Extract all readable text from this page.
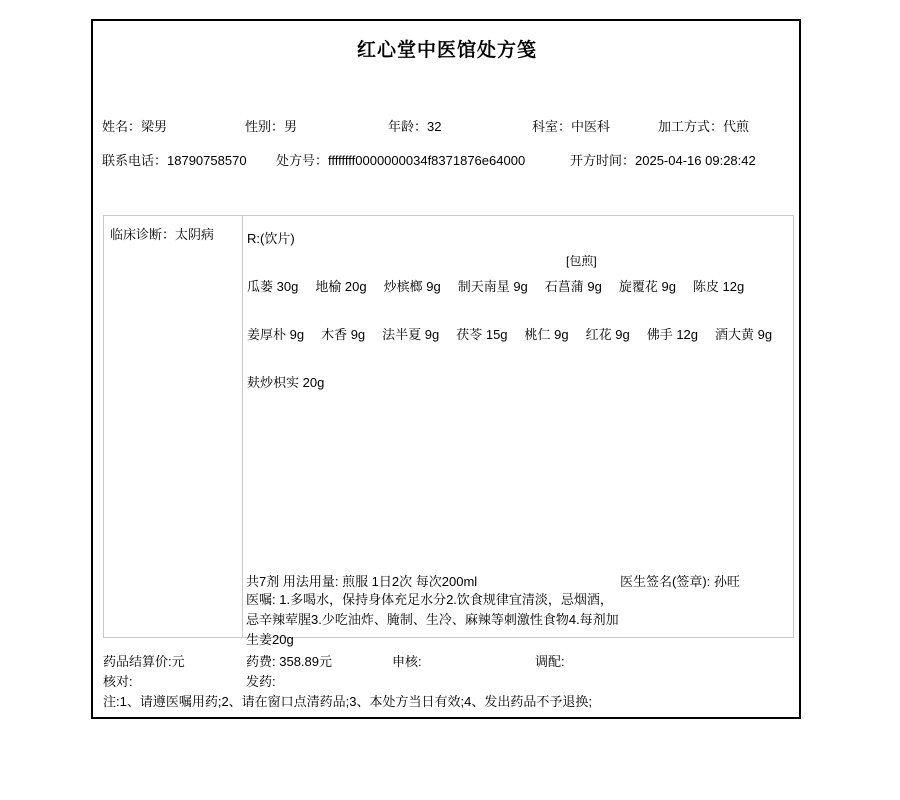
红心堂中医馆处方笺
姓名：梁男	性别：男	年龄：32	科室：中医科	加工方式：代煎
联系电话：18790758570 处方号：ffffffff0000000034f8371876e64000	开方时间：2025-04-16 09:28:42
临床诊断：太阴病	R:(饮片)
[包煎]
瓜蒌 30g 地榆 20g 炒槟榔 9g 制天南星 9g 石菖蒲 9g 旋覆花 9g 陈皮 12g
姜厚朴 9g 木香 9g 法半夏 9g 茯苓 15g 桃仁 9g 红花 9g 佛手 12g 酒大黄 9g
麸炒枳实 20g
共7剂 用法用量: 煎服 1日2次 每次200ml	医生签名(签章): 孙旺
医嘱: 1.多喝水，保持身体充足水分2.饮食规律宜清淡，忌烟酒，
忌辛辣荤腥3.少吃油炸、腌制、生冷、麻辣等刺激性食物4.每剂加
生姜20g
药品结算价:元	药费: 358.89元	申核:	调配:
核对:	发药:
注:1、请遵医嘱用药;2、请在窗口点清药品;3、本处方当日有效;4、发出药品不予退换;
